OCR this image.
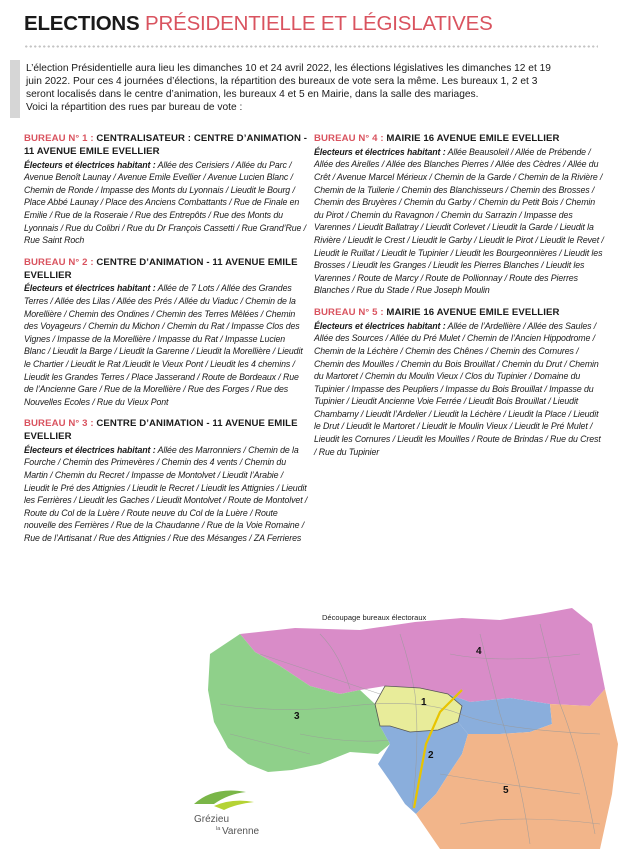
ELECTIONS PRÉSIDENTIELLE ET LÉGISLATIVES
L’élection Présidentielle aura lieu les dimanches 10 et 24 avril 2022, les élections législatives les dimanches 12 et 19
juin 2022. Pour ces 4 journées d’élections, la répartition des bureaux de vote sera la même. Les bureaux 1, 2 et 3
seront localisés dans le centre d’animation, les bureaux 4 et 5 en Mairie, dans la salle des mariages.
Voici la répartition des rues par bureau de vote :
BUREAU N° 1 : CENTRALISATEUR : CENTRE D’ANIMATION - 11 AVENUE EMILE EVELLIER
Électeurs et électrices habitant : Allée des Cerisiers / Allée du Parc / Avenue Benoît Launay / Avenue Emile Evellier / Avenue Lucien Blanc / Chemin de Ronde / Impasse des Monts du Lyonnais / Lieudit le Bourg / Place Abbé Launay / Place des Anciens Combattants / Rue de Finale en Emilie / Rue de la Roseraie / Rue des Entrepôts / Rue des Monts du Lyonnais / Rue du Colibri / Rue du Dr François Cassetti / Rue Grand’Rue / Rue Saint Roch
BUREAU N° 2 : CENTRE D’ANIMATION - 11 AVENUE EMILE EVELLIER
Électeurs et électrices habitant : Allée de 7 Lots / Allée des Grandes Terres / Allée des Lilas / Allée des Prés / Allée du Viaduc / Chemin de la Morellière / Chemin des Ondines / Chemin des Terres Mêlées / Chemin des Voyageurs / Chemin du Michon / Chemin du Rat / Impasse Clos des Vignes / Impasse de la Morellière / Impasse du Rat / Impasse Lucien Blanc / Lieudit la Barge / Lieudit la Garenne / Lieudit la Morellière / Lieudit le Chartier / Lieudit le Rat /Lieudit le Vieux Pont / Lieudit les 4 chemins / Lieudit les Grandes Terres / Place Jasserand / Route de Bordeaux / Rue de l’Ancienne Gare / Rue de la Morellière / Rue des Forges / Rue des Nouvelles Ecoles / Rue du Vieux Pont
BUREAU N° 3 : CENTRE D’ANIMATION - 11 AVENUE EMILE EVELLIER
Électeurs et électrices habitant : Allée des Marronniers / Chemin de la Fourche / Chemin des Primevères / Chemin des 4 vents / Chemin du Martin / Chemin du Recret / Impasse de Montolvet / Lieudit l’Arabie / Lieudit le Pré des Attignies / Lieudit le Recret / Lieudit les Attignies / Lieudit les Ferrières / Lieudit les Gaches / Lieudit Montolvet / Route de Montolvet / Route du Col de la Luère / Route neuve du Col de la Luère / Route nouvelle des Ferrières / Rue de la Chaudanne / Rue de la Voie Romaine / Rue de l’Artisanat / Rue des Attignies / Rue des Mésanges / ZA Ferrieres
BUREAU N° 4 : MAIRIE 16 AVENUE EMILE EVELLIER
Électeurs et électrices habitant : Allée Beausoleil / Allée de Prébende / Allée des Airelles / Allée des Blanches Pierres / Allée des Cèdres / Allée du Crêt / Avenue Marcel Mérieux / Chemin de la Garde / Chemin de la Rivière / Chemin de la Tuilerie / Chemin des Blanchisseurs / Chemin des Brosses / Chemin des Bruyères / Chemin du Garby / Chemin du Petit Bois / Chemin du Pirot / Chemin du Ravagnon / Chemin du Sarrazin / Impasse des Varennes / Lieudit Ballatray / Lieudit Corlevet / Lieudit la Garde / Lieudit la Rivière / Lieudit le Crest / Lieudit le Garby / Lieudit le Pirot / Lieudit le Revet / Lieudit le Ruillat / Lieudit le Tupinier / Lieudit les Bourgeonnières / Lieudit les Brosses / Lieudit les Granges / Lieudit les Pierres Blanches / Lieudit les Varennes / Route de Marcy / Route de Pollionnay / Route des Pierres Blanches / Rue du Stade / Rue Joseph Moulin
BUREAU N° 5 : MAIRIE 16 AVENUE EMILE EVELLIER
Électeurs et électrices habitant : Allée de l’Ardellière / Allée des Saules / Allée des Sources / Allée du Pré Mulet / Chemin de l’Ancien Hippodrome / Chemin de la Léchère / Chemin des Chênes / Chemin des Cornures / Chemin des Mouilles / Chemin du Bois Brouillat / Chemin du Drut / Chemin du Martoret / Chemin du Moulin Vieux / Clos du Tupinier / Domaine du Tupinier / Impasse des Peupliers / Impasse du Bois Brouillat / Impasse du Tupinier / Lieudit Ancienne Voie Ferrée / Lieudit Bois Brouillat / Lieudit Chambarny / Lieudit l’Ardelier / Lieudit la Léchère / Lieudit la Place / Lieudit le Drut / Lieudit le Martoret / Lieudit le Moulin Vieux / Lieudit le Pré Mulet / Lieudit les Cornures / Lieudit les Mouilles / Route de Brindas / Rue du Crest / Rue du Tupinier
Découpage bureaux électoraux
1
2
3
4
5
Grézieu
la Varenne
